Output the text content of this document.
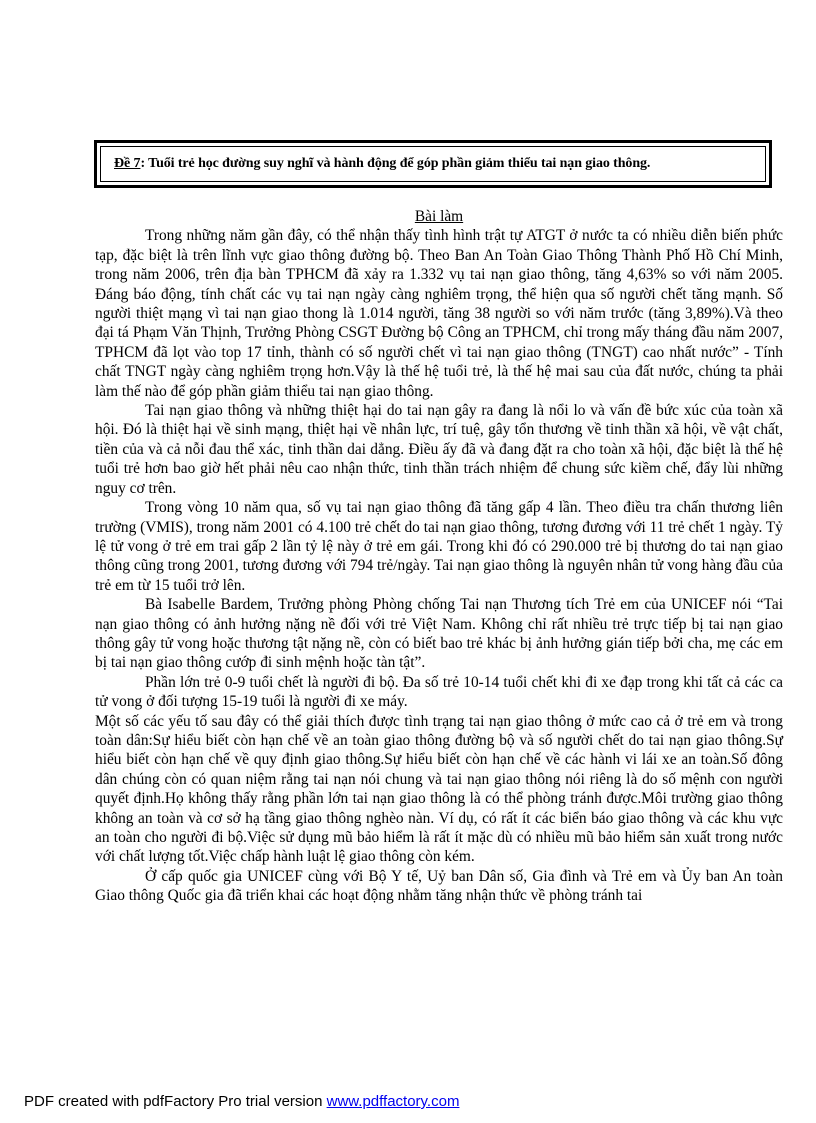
Đề 7 : Tuổi trẻ học đường suy nghĩ và hành động để góp phần giảm thiểu tai nạn giao thông.

Bài làm

Trong những năm gần đây, có thể nhận thấy tình hình trật tự ATGT ở nước ta có nhiều diễn biến phức tạp, đặc biệt là trên lĩnh vực giao thông đường bộ. Theo Ban An Toàn Giao Thông Thành Phố Hồ Chí Minh, trong năm 2006, trên địa bàn TPHCM đã xảy ra 1.332 vụ tai nạn giao thông, tăng 4,63% so với năm 2005. Đáng báo động, tính chất các vụ tai nạn ngày càng nghiêm trọng, thể hiện qua số người chết tăng mạnh. Số người thiệt mạng vì tai nạn giao thong là 1.014 người, tăng 38 người so với năm trước (tăng 3,89%).Và theo đại tá Phạm Văn Thịnh, Trưởng Phòng CSGT Đường bộ Công an TPHCM, chỉ trong mấy tháng đầu năm 2007, TPHCM đã lọt vào top 17 tỉnh, thành có số người chết vì tai nạn giao thông (TNGT) cao nhất nước” - Tính chất TNGT ngày càng nghiêm trọng hơn.Vậy là thế hệ tuổi trẻ, là thế hệ mai sau của đất nước, chúng ta phải làm thế nào để góp phần giảm thiểu tai nạn giao thông.

Tai nạn giao thông và những thiệt hại do tai nạn gây ra đang là nổi lo và vấn đề bức xúc của toàn xã hội. Đó là thiệt hại về sinh mạng, thiệt hại về nhân lực, trí tuệ, gây tổn thương về tinh thần xã hội, về vật chất, tiền của và cả nỗi đau thể xác, tinh thần dai dẳng. Điều ấy đã và đang đặt ra cho toàn xã hội, đặc biệt là thế hệ tuổi trẻ hơn bao giờ hết phải nêu cao nhận thức, tinh thần trách nhiệm để chung sức kiềm chế, đẩy lùi những nguy cơ trên.

Trong vòng 10 năm qua, số vụ tai nạn giao thông đã tăng gấp 4 lần. Theo điều tra chấn thương liên trường (VMIS), trong năm 2001 có 4.100 trẻ chết do tai nạn giao thông, tương đương với 11 trẻ chết 1 ngày. Tỷ lệ tử vong ở trẻ em trai gấp 2 lần tỷ lệ này ở trẻ em gái. Trong khi đó có 290.000 trẻ bị thương do tai nạn giao thông cũng trong 2001, tương đương với 794 trẻ/ngày. Tai nạn giao thông là nguyên nhân tử vong hàng đầu của trẻ em từ 15 tuổi trở lên.

Bà Isabelle Bardem, Trưởng phòng Phòng chống Tai nạn Thương tích Trẻ em của UNICEF nói “Tai nạn giao thông có ảnh hưởng nặng nề đối với trẻ Việt Nam. Không chỉ rất nhiều trẻ trực tiếp bị tai nạn giao thông gây tử vong hoặc thương tật nặng nề, còn có biết bao trẻ khác bị ảnh hưởng gián tiếp bởi cha, mẹ các em bị tai nạn giao thông cướp đi sinh mệnh hoặc tàn tật”.

Phần lớn trẻ 0-9 tuổi chết là người đi bộ. Đa số trẻ 10-14 tuổi chết khi đi xe đạp trong khi tất cả các ca tử vong ở đối tượng 15-19 tuổi là người đi xe máy.

Một số các yếu tố sau đây có thể giải thích được tình trạng tai nạn giao thông ở mức cao cả ở trẻ em và trong toàn dân:Sự hiểu biết còn hạn chế về an toàn giao thông đường bộ và số người chết do tai nạn giao thông.Sự hiểu biết còn hạn chế về quy định giao thông.Sự hiểu biết còn hạn chế về các hành vi lái xe an toàn.Số đông dân chúng còn có quan niệm rằng tai nạn nói chung và tai nạn giao thông nói riêng là do số mệnh con người quyết định.Họ không thấy rằng phần lớn tai nạn giao thông là có thể phòng tránh được.Môi trường giao thông không an toàn và cơ sở hạ tầng giao thông nghèo nàn. Ví dụ, có rất ít các biển báo giao thông và các khu vực an toàn cho người đi bộ.Việc sử dụng mũ bảo hiểm là rất ít mặc dù có nhiều mũ bảo hiểm sản xuất trong nước với chất lượng tốt.Việc chấp hành luật lệ giao thông còn kém.

Ở cấp quốc gia UNICEF cùng với Bộ Y tế, Uỷ ban Dân số, Gia đình và Trẻ em và Ủy ban An toàn Giao thông Quốc gia đã triển khai các hoạt động nhằm tăng nhận thức về phòng tránh tai

PDF created with pdfFactory Pro trial version www.pdffactory.com
